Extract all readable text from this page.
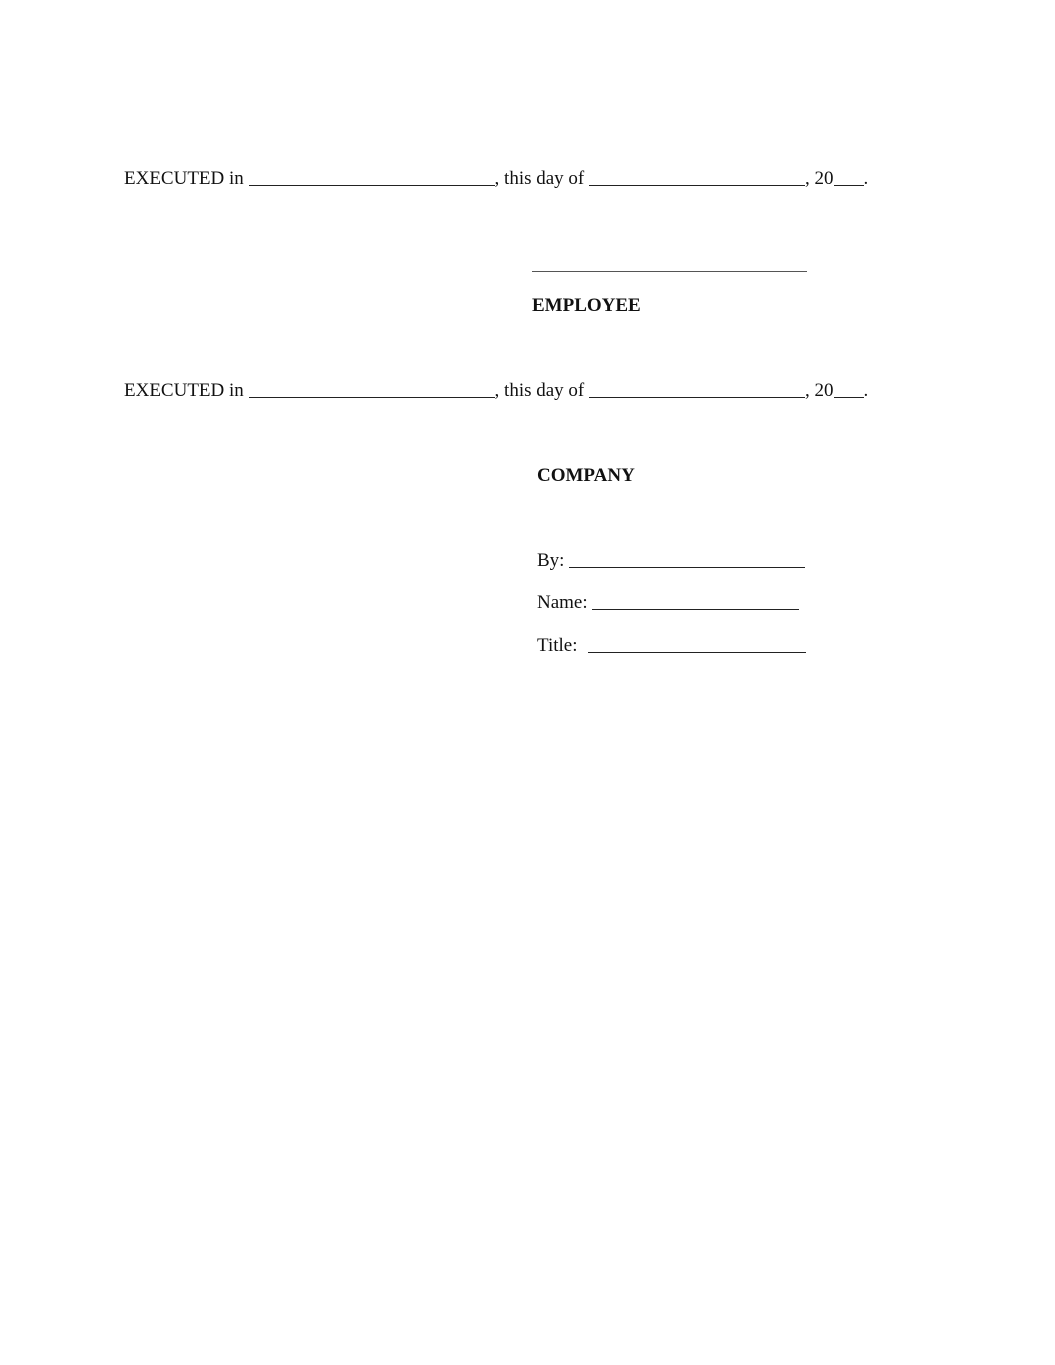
EXECUTED in	, this day of	, 20 .
EMPLOYEE
EXECUTED in	, this day of	, 20 .
COMPANY
By:
Name:
Title:
